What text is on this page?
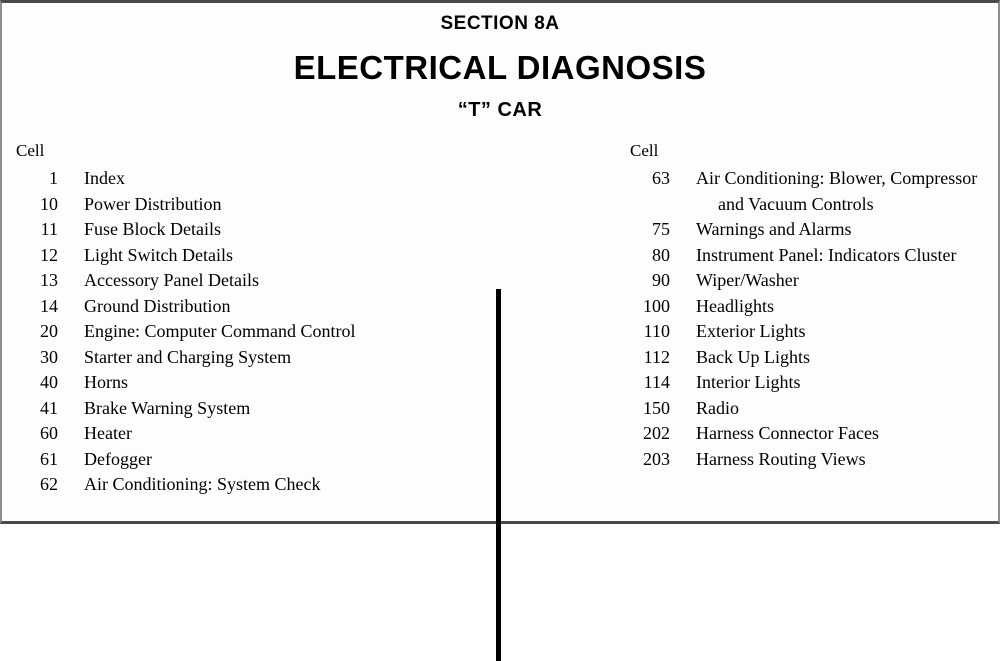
SECTION 8A
ELECTRICAL DIAGNOSIS
“T” CAR
Cell
1	Index
10	Power Distribution
11	Fuse Block Details
12	Light Switch Details
13	Accessory Panel Details
14	Ground Distribution
20	Engine: Computer Command Control
30	Starter and Charging System
40	Horns
41	Brake Warning System
60	Heater
61	Defogger
62	Air Conditioning: System Check
Cell
63	Air Conditioning: Blower, Compressor
and Vacuum Controls
75	Warnings and Alarms
80	Instrument Panel: Indicators Cluster
90	Wiper/Washer
100	Headlights
110	Exterior Lights
112	Back Up Lights
114	Interior Lights
150	Radio
202	Harness Connector Faces
203	Harness Routing Views
